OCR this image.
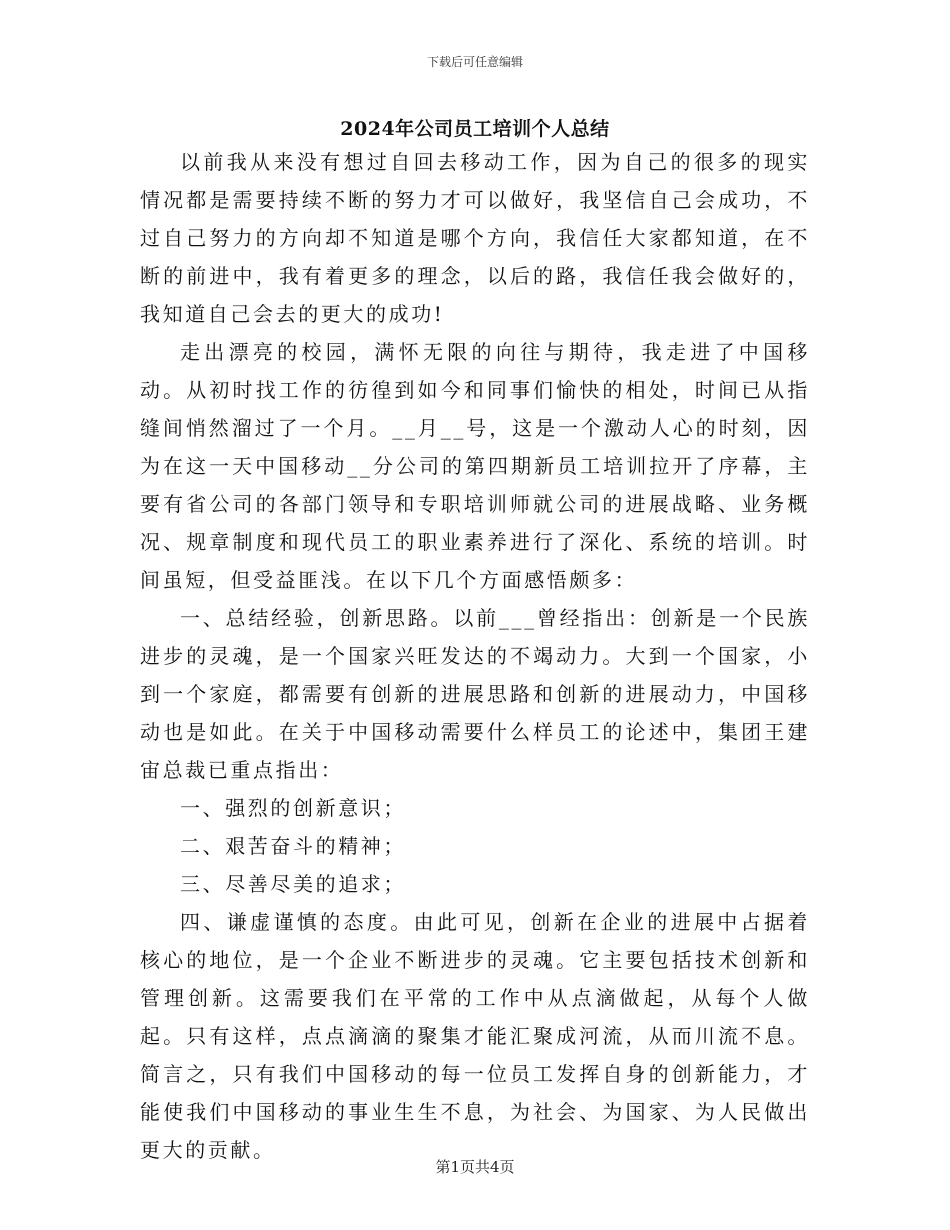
下载后可任意编辑
2024年公司员工培训个人总结

以前我从来没有想过自回去移动工作，因为自己的很多的现实情况都是需要持续不断的努力才可以做好，我坚信自己会成功，不过自己努力的方向却不知道是哪个方向，我信任大家都知道，在不断的前进中，我有着更多的理念，以后的路，我信任我会做好的，我知道自己会去的更大的成功!

走出漂亮的校园，满怀无限的向往与期待，我走进了中国移动。从初时找工作的彷徨到如今和同事们愉快的相处，时间已从指缝间悄然溜过了一个月。__月__号，这是一个激动人心的时刻，因为在这一天中国移动__分公司的第四期新员工培训拉开了序幕，主要有省公司的各部门领导和专职培训师就公司的进展战略、业务概况、规章制度和现代员工的职业素养进行了深化、系统的培训。时间虽短，但受益匪浅。在以下几个方面感悟颇多：

一、总结经验，创新思路。以前___曾经指出：创新是一个民族进步的灵魂，是一个国家兴旺发达的不竭动力。大到一个国家，小到一个家庭，都需要有创新的进展思路和创新的进展动力，中国移动也是如此。在关于中国移动需要什么样员工的论述中，集团王建宙总裁已重点指出：

一、强烈的创新意识；

二、艰苦奋斗的精神；

三、尽善尽美的追求；

四、谦虚谨慎的态度。由此可见，创新在企业的进展中占据着核心的地位，是一个企业不断进步的灵魂。它主要包括技术创新和管理创新。这需要我们在平常的工作中从点滴做起，从每个人做起。只有这样，点点滴滴的聚集才能汇聚成河流，从而川流不息。简言之，只有我们中国移动的每一位员工发挥自身的创新能力，才能使我们中国移动的事业生生不息，为社会、为国家、为人民做出更大的贡献。

第1页共4页
